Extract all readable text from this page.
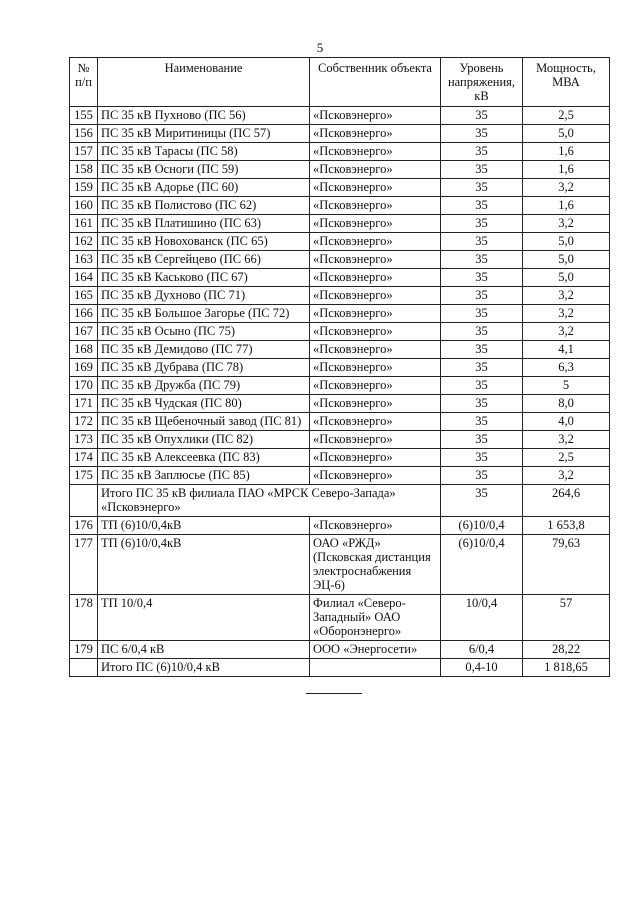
5
№ п/п	Наименование	Собственник объекта	Уровень напряжения, кВ	Мощность, МВА
155	ПС 35 кВ Пухново (ПС 56)	«Псковэнерго»	35	2,5
156	ПС 35 кВ Миритиницы (ПС 57)	«Псковэнерго»	35	5,0
157	ПС 35 кВ Тарасы (ПС 58)	«Псковэнерго»	35	1,6
158	ПС 35 кВ Осноги (ПС 59)	«Псковэнерго»	35	1,6
159	ПС 35 кВ Адорье (ПС 60)	«Псковэнерго»	35	3,2
160	ПС 35 кВ Полистово (ПС 62)	«Псковэнерго»	35	1,6
161	ПС 35 кВ Платишино (ПС 63)	«Псковэнерго»	35	3,2
162	ПС 35 кВ Новохованск (ПС 65)	«Псковэнерго»	35	5,0
163	ПС 35 кВ Сергейцево (ПС 66)	«Псковэнерго»	35	5,0
164	ПС 35 кВ Каськово (ПС 67)	«Псковэнерго»	35	5,0
165	ПС 35 кВ Духново (ПС 71)	«Псковэнерго»	35	3,2
166	ПС 35 кВ Большое Загорье (ПС 72)	«Псковэнерго»	35	3,2
167	ПС 35 кВ Осыно (ПС 75)	«Псковэнерго»	35	3,2
168	ПС 35 кВ Демидово (ПС 77)	«Псковэнерго»	35	4,1
169	ПС 35 кВ Дубрава (ПС 78)	«Псковэнерго»	35	6,3
170	ПС 35 кВ Дружба (ПС 79)	«Псковэнерго»	35	5
171	ПС 35 кВ Чудская (ПС 80)	«Псковэнерго»	35	8,0
172	ПС 35 кВ Щебеночный завод (ПС 81)	«Псковэнерго»	35	4,0
173	ПС 35 кВ Опухлики (ПС 82)	«Псковэнерго»	35	3,2
174	ПС 35 кВ Алексеевка (ПС 83)	«Псковэнерго»	35	2,5
175	ПС 35 кВ Заплюсье (ПС 85)	«Псковэнерго»	35	3,2
	Итого ПС 35 кВ филиала ПАО «МРСК Северо-Запада» «Псковэнерго»		35	264,6
176	ТП (6)10/0,4кВ	«Псковэнерго»	(6)10/0,4	1 653,8
177	ТП (6)10/0,4кВ	ОАО «РЖД» (Псковская дистанция электроснабжения ЭЦ-6)	(6)10/0,4	79,63
178	ТП 10/0,4	Филиал «Северо-Западный» ОАО «Оборонэнерго»	10/0,4	57
179	ПС 6/0,4 кВ	ООО «Энергосети»	6/0,4	28,22
	Итого ПС (6)10/0,4 кВ		0,4-10	1 818,65
